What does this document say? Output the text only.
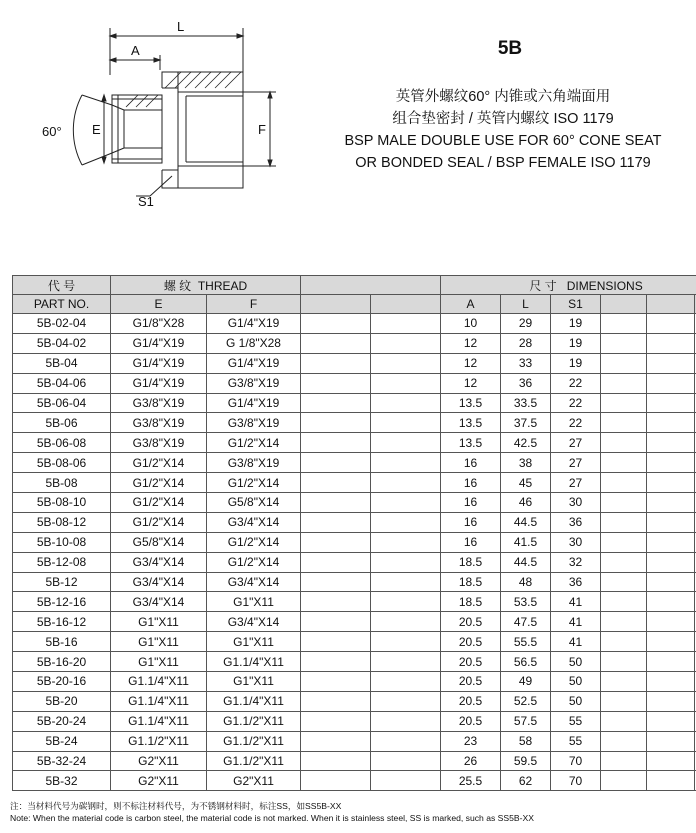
L
A
E	F
60°
S1
5B
英管外螺纹60° 内锥或六角端面用
组合垫密封 / 英管内螺纹 ISO 1179
BSP MALE DOUBLE USE FOR 60° CONE SEAT
OR BONDED SEAL / BSP FEMALE ISO 1179
代 号	螺 纹 THREAD				尺 寸 DIMENSIONS					
PART NO.	E	F			A	L	S1			
5B-02-04	G1/8"X28	G1/4"X19			10	29	19			
5B-04-02	G1/4"X19	G 1/8"X28			12	28	19			
5B-04	G1/4"X19	G1/4"X19			12	33	19			
5B-04-06	G1/4"X19	G3/8"X19			12	36	22			
5B-06-04	G3/8"X19	G1/4"X19			13.5	33.5	22			
5B-06	G3/8"X19	G3/8"X19			13.5	37.5	22			
5B-06-08	G3/8"X19	G1/2"X14			13.5	42.5	27			
5B-08-06	G1/2"X14	G3/8"X19			16	38	27			
5B-08	G1/2"X14	G1/2"X14			16	45	27			
5B-08-10	G1/2"X14	G5/8"X14			16	46	30			
5B-08-12	G1/2"X14	G3/4"X14			16	44.5	36			
5B-10-08	G5/8"X14	G1/2"X14			16	41.5	30			
5B-12-08	G3/4"X14	G1/2"X14			18.5	44.5	32			
5B-12	G3/4"X14	G3/4"X14			18.5	48	36			
5B-12-16	G3/4"X14	G1"X11			18.5	53.5	41			
5B-16-12	G1"X11	G3/4"X14			20.5	47.5	41			
5B-16	G1"X11	G1"X11			20.5	55.5	41			
5B-16-20	G1"X11	G1.1/4"X11			20.5	56.5	50			
5B-20-16	G1.1/4"X11	G1"X11			20.5	49	50			
5B-20	G1.1/4"X11	G1.1/4"X11			20.5	52.5	50			
5B-20-24	G1.1/4"X11	G1.1/2"X11			20.5	57.5	55			
5B-24	G1.1/2"X11	G1.1/2"X11			23	58	55			
5B-32-24	G2"X11	G1.1/2"X11			26	59.5	70			
5B-32	G2"X11	G2"X11			25.5	62	70			
注：当材料代号为碳钢时，则不标注材料代号，为不锈钢材料时，标注SS，如SS5B-XX
Note: When the material code is carbon steel, the material code is not marked. When it is stainless steel, SS is marked, such as SS5B-XX
